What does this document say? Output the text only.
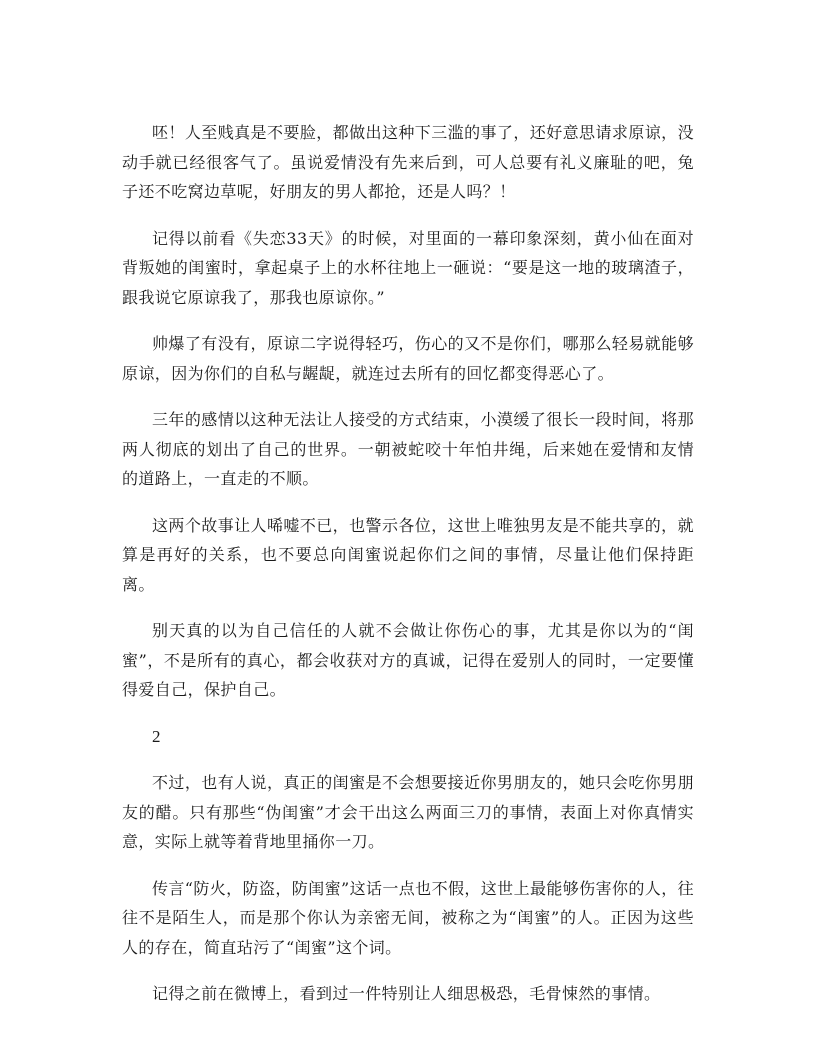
呸！人至贱真是不要脸，都做出这种下三滥的事了，还好意思请求原谅，没动手就已经很客气了。虽说爱情没有先来后到，可人总要有礼义廉耻的吧，兔子还不吃窝边草呢，好朋友的男人都抢，还是人吗？！

记得以前看《失恋33天》的时候，对里面的一幕印象深刻，黄小仙在面对背叛她的闺蜜时，拿起桌子上的水杯往地上一砸说：“要是这一地的玻璃渣子，跟我说它原谅我了，那我也原谅你。”

帅爆了有没有，原谅二字说得轻巧，伤心的又不是你们，哪那么轻易就能够原谅，因为你们的自私与龌龊，就连过去所有的回忆都变得恶心了。

三年的感情以这种无法让人接受的方式结束，小漠缓了很长一段时间，将那两人彻底的划出了自己的世界。一朝被蛇咬十年怕井绳，后来她在爱情和友情的道路上，一直走的不顺。

这两个故事让人唏嘘不已，也警示各位，这世上唯独男友是不能共享的，就算是再好的关系，也不要总向闺蜜说起你们之间的事情，尽量让他们保持距离。

别天真的以为自己信任的人就不会做让你伤心的事，尤其是你以为的“闺蜜”，不是所有的真心，都会收获对方的真诚，记得在爱别人的同时，一定要懂得爱自己，保护自己。

2

不过，也有人说，真正的闺蜜是不会想要接近你男朋友的，她只会吃你男朋友的醋。只有那些“伪闺蜜”才会干出这么两面三刀的事情，表面上对你真情实意，实际上就等着背地里捅你一刀。

传言“防火，防盗，防闺蜜”这话一点也不假，这世上最能够伤害你的人，往往不是陌生人，而是那个你认为亲密无间，被称之为“闺蜜”的人。正因为这些人的存在，简直玷污了“闺蜜”这个词。

记得之前在微博上，看到过一件特别让人细思极恐，毛骨悚然的事情。
